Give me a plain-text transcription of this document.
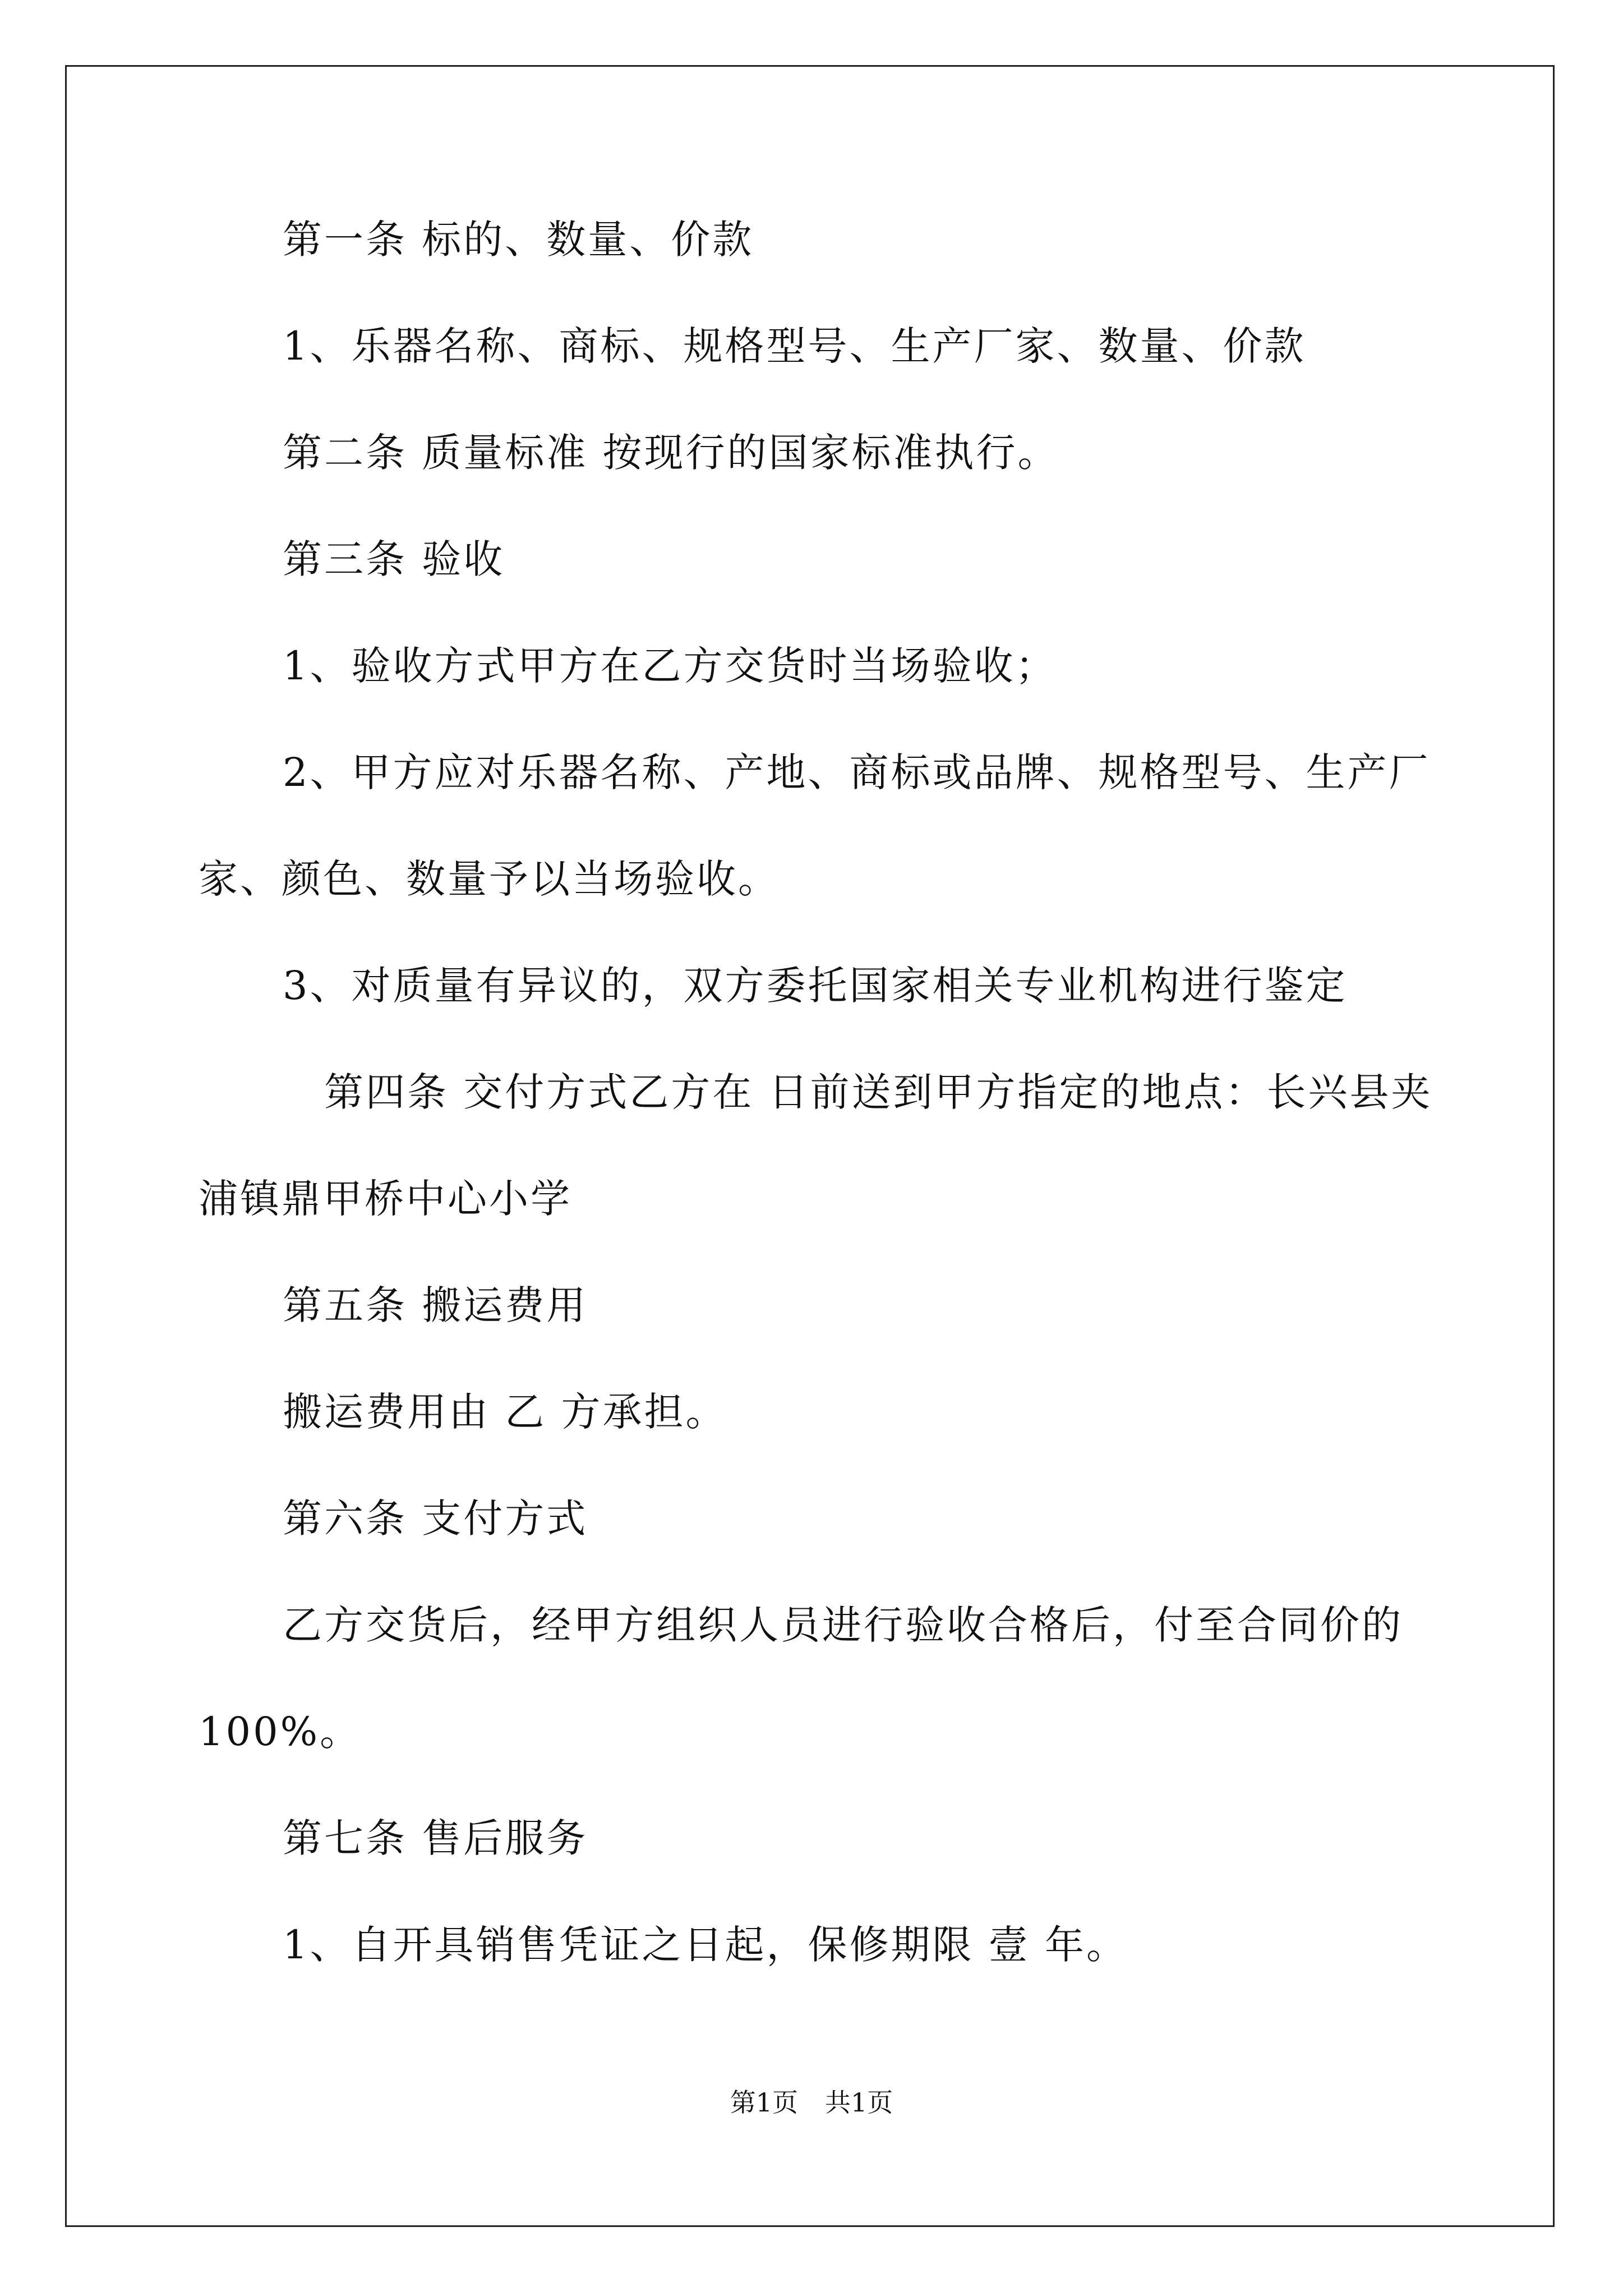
第一条 标的、数量、价款

1、乐器名称、商标、规格型号、生产厂家、数量、价款

第二条 质量标准 按现行的国家标准执行。

第三条 验收

1、验收方式甲方在乙方交货时当场验收；

2、甲方应对乐器名称、产地、商标或品牌、规格型号、生产厂家、颜色、数量予以当场验收。

3、对质量有异议的，双方委托国家相关专业机构进行鉴定

　第四条 交付方式乙方在 日前送到甲方指定的地点：长兴县夹浦镇鼎甲桥中心小学

第五条 搬运费用

搬运费用由 乙 方承担。

第六条 支付方式

乙方交货后，经甲方组织人员进行验收合格后，付至合同价的100%。

第七条 售后服务

1、自开具销售凭证之日起，保修期限 壹 年。

第1页 共1页
